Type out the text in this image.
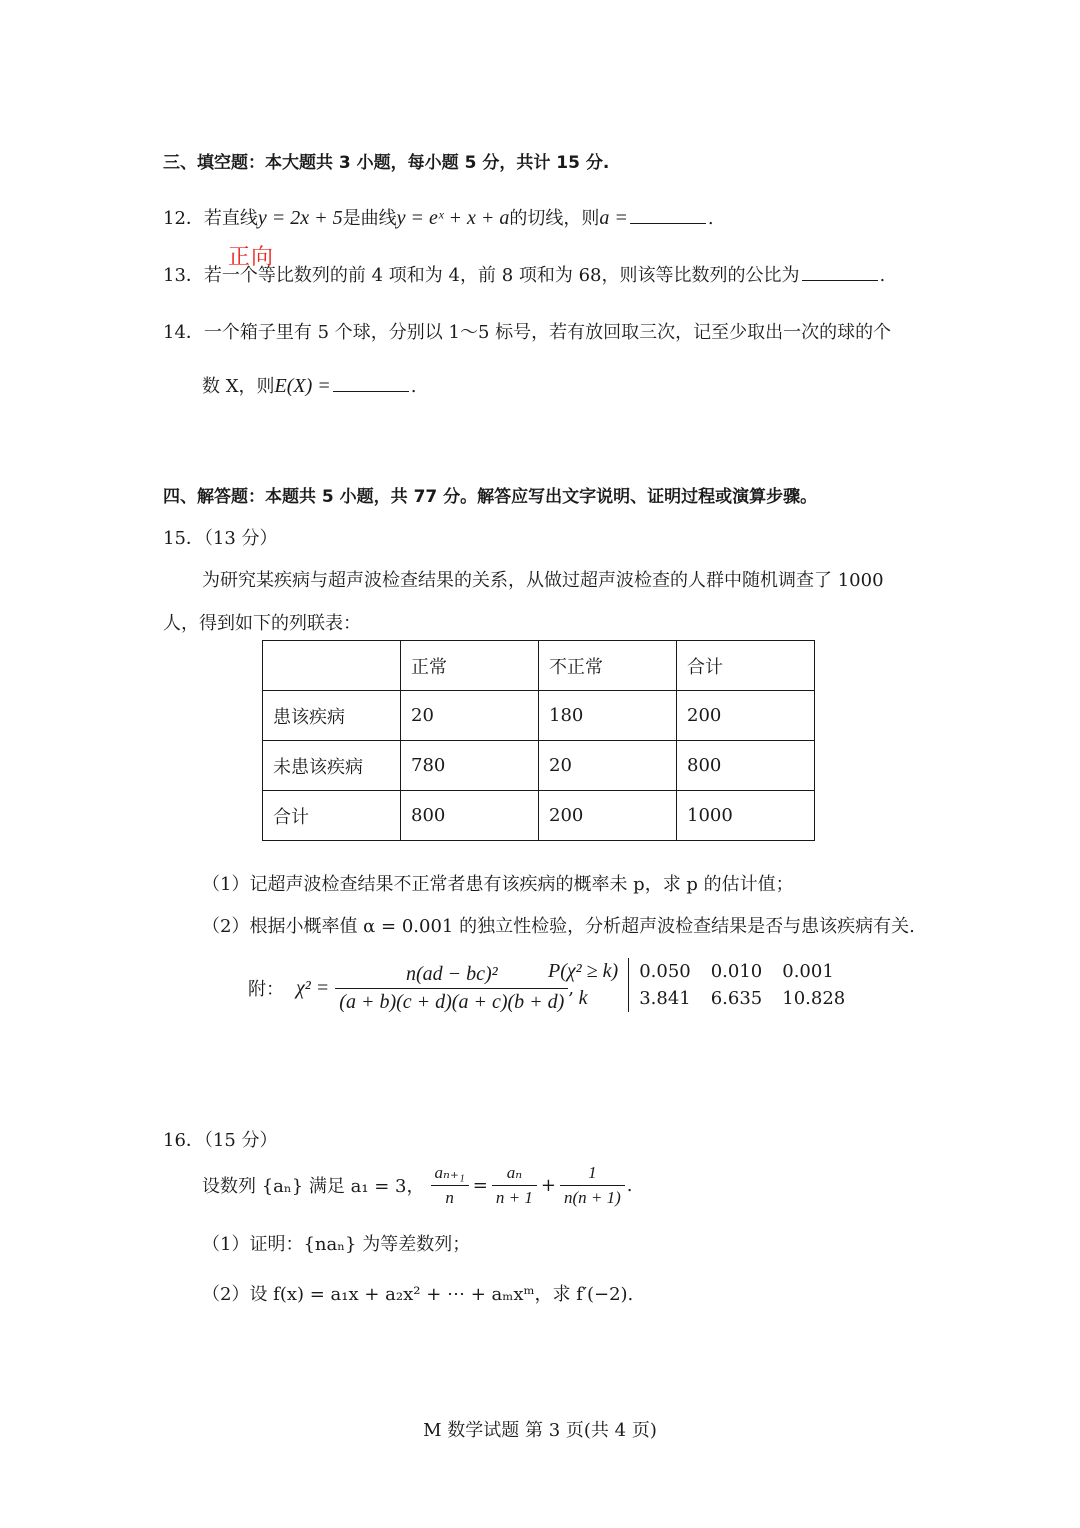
三、填空题：本大题共 3 小题，每小题 5 分，共计 15 分.
12．若直线y = 2x + 5是曲线y = eˣ + x + a的切线，则a =	.
正向
13．若一个等比数列的前 4 项和为 4，前 8 项和为 68，则该等比数列的公比为	.
14．一个箱子里有 5 个球，分别以 1～5 标号，若有放回取三次，记至少取出一次的球的个
数 X，则E(X) =	.
四、解答题：本题共 5 小题，共 77 分。解答应写出文字说明、证明过程或演算步骤。
15．（13 分）
为研究某疾病与超声波检查结果的关系，从做过超声波检查的人群中随机调查了 1000
人，得到如下的列联表：
	正常	不正常	合计
患该疾病	20	180	200
未患该疾病	780	20	800
合计	800	200	1000
（1）记超声波检查结果不正常者患有该疾病的概率未 p，求 p 的估计值；
（2）根据小概率值 α = 0.001 的独立性检验，分析超声波检查结果是否与患该疾病有关.
附： $\chi^2 = \frac{\text{n(ad − bc)²}}{(a + b)(c + d)(a + c)(b + d)}$ ,
P(χ² ≥ k)	0.050	0.010	0.001
k	3.841	6.635	10.828
16．（15 分）
设数列 {aₙ} 满足 a₁ = 3， $\frac{\text{aₙ₊₁}}{n} = \frac{\text{aₙ}}{n + 1} + \frac{1}{n(n + 1)}$ .
（1）证明：{naₙ} 为等差数列；
（2）设 f(x) = a₁x + a₂x² + ⋯ + aₘxᵐ，求 f′(−2).
M 数学试题 第 3 页(共 4 页)
